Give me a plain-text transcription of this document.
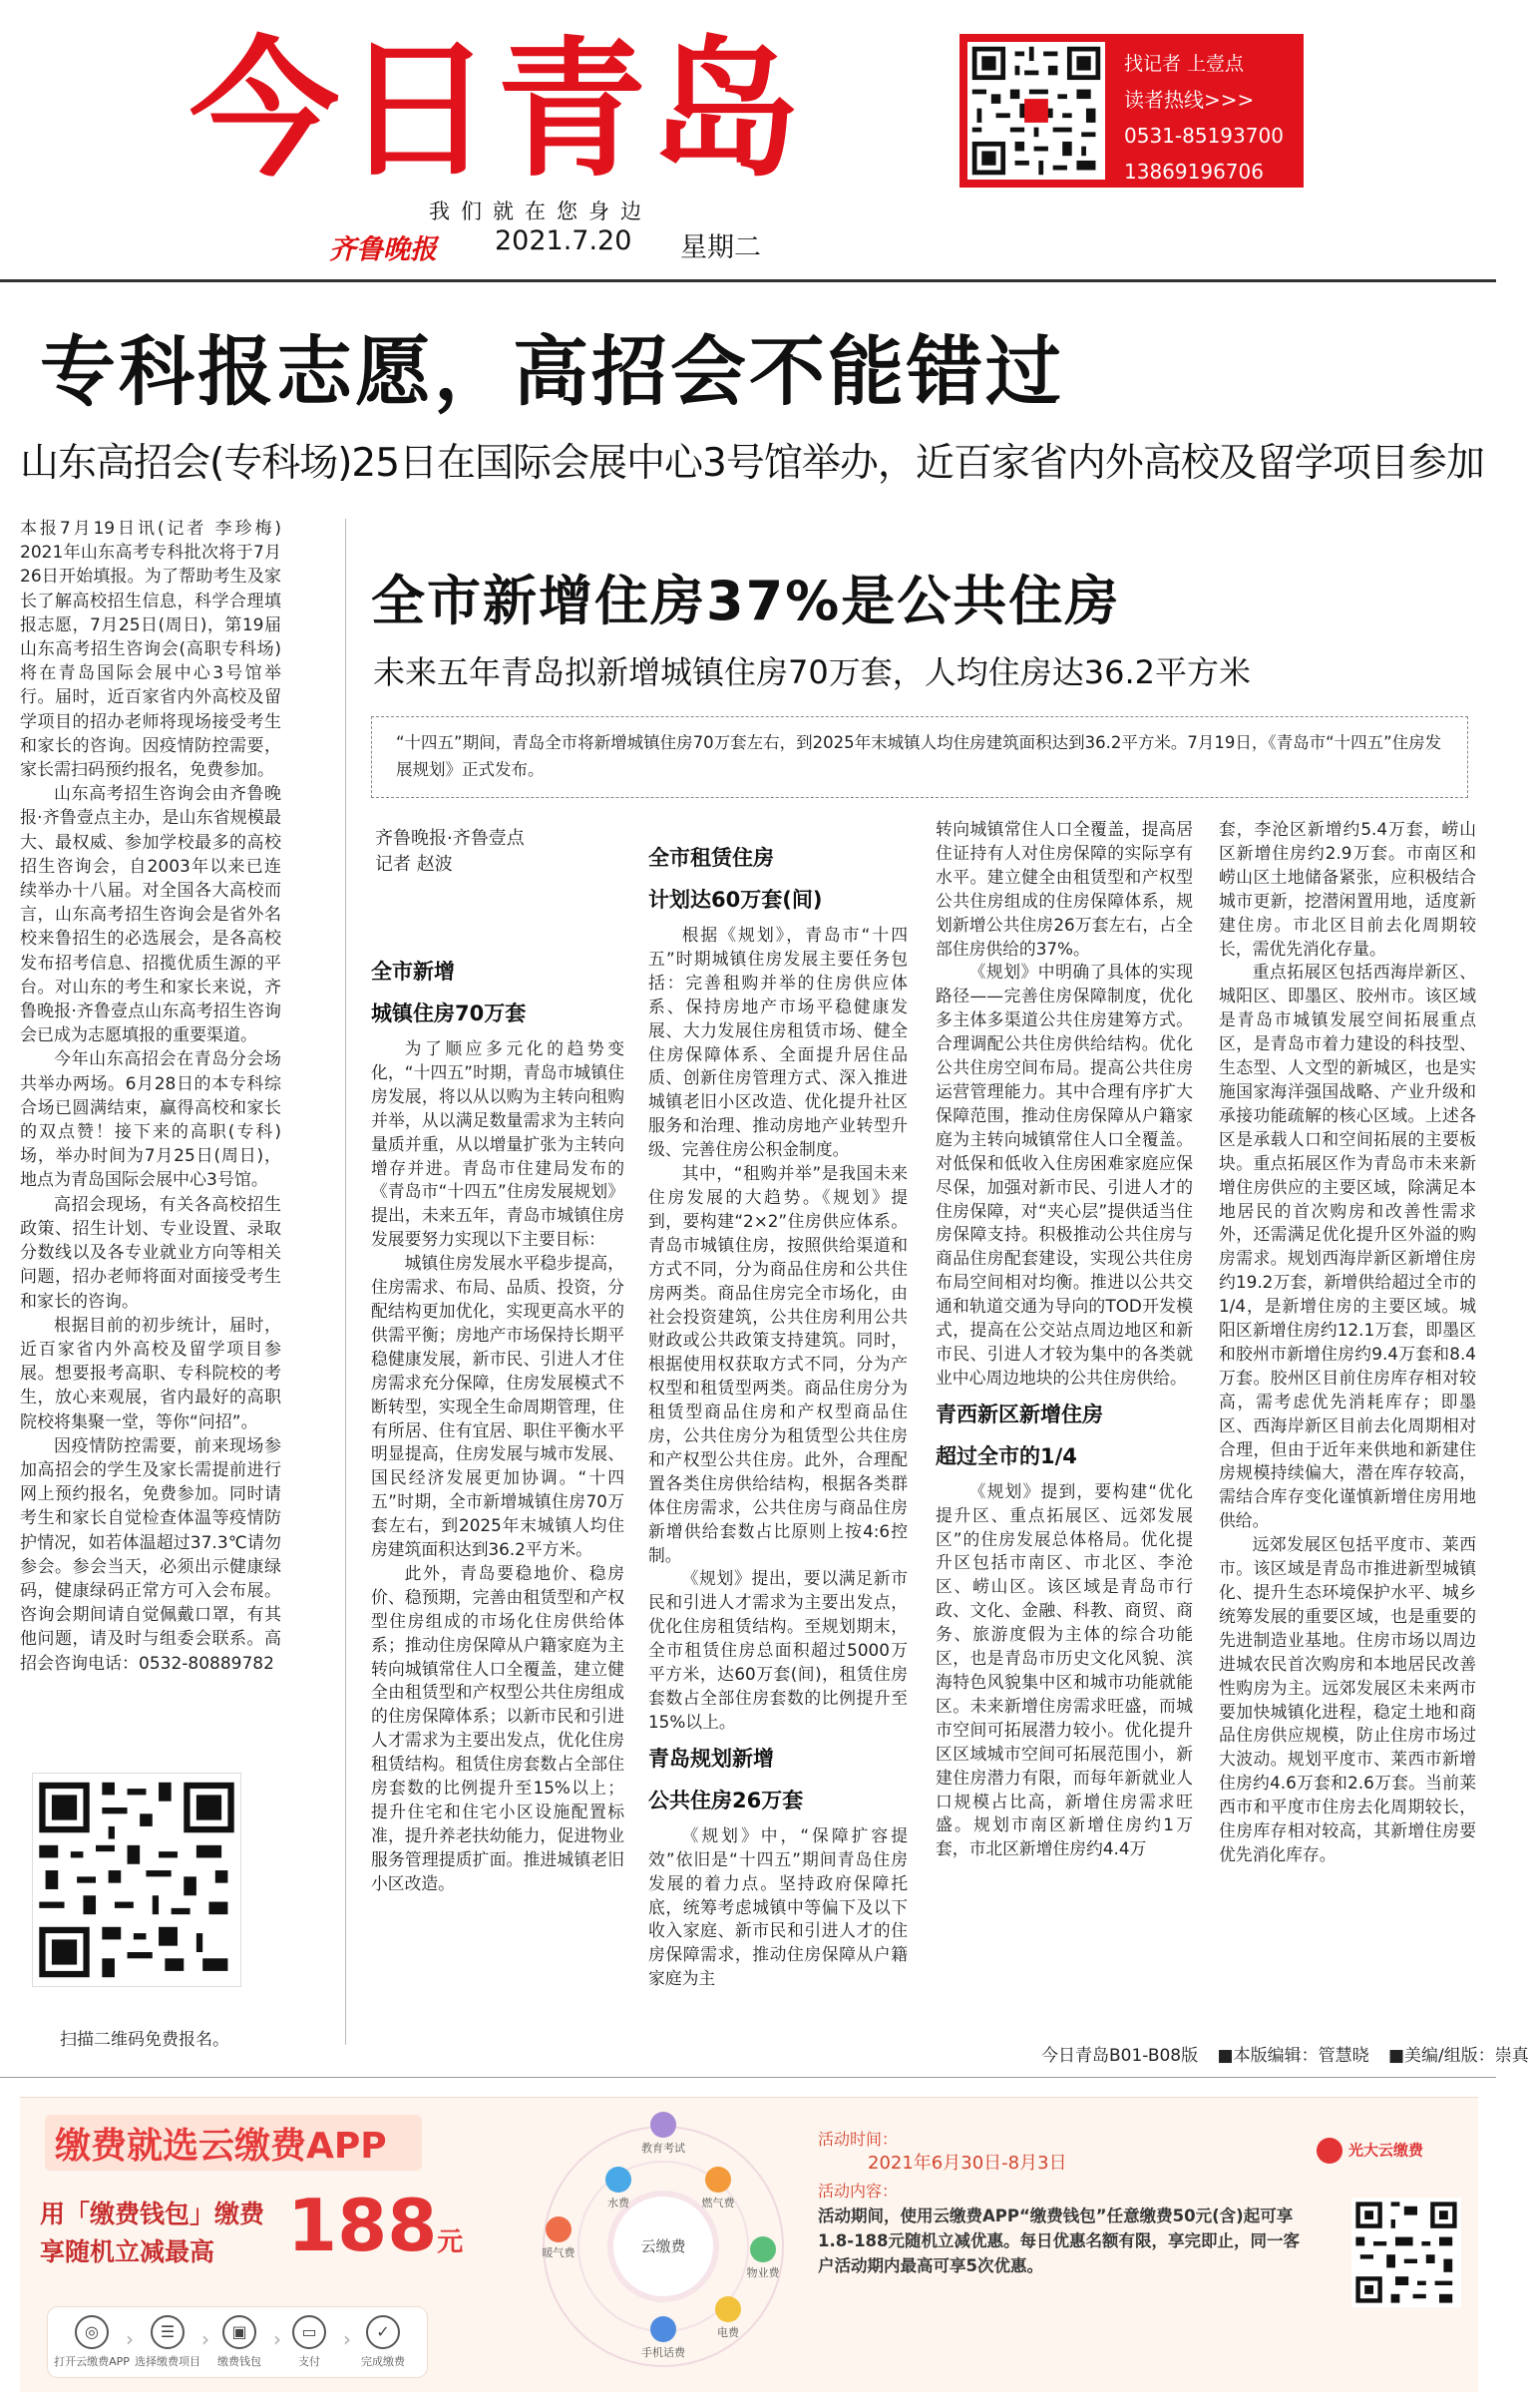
今日青岛
我们就在您身边
齐鲁晚报 2021.7.20 星期二
找记者 上壹点
读者热线>>>
0531-85193700
13869196706
专科报志愿，高招会不能错过
山东高招会(专科场)25日在国际会展中心3号馆举办，近百家省内外高校及留学项目参加

本报7月19日讯(记者 李珍梅) 2021年山东高考专科批次将于7月26日开始填报。为了帮助考生及家长了解高校招生信息，科学合理填报志愿，7月25日(周日)，第19届山东高考招生咨询会(高职专科场)将在青岛国际会展中心3号馆举行。届时，近百家省内外高校及留学项目的招办老师将现场接受考生和家长的咨询。因疫情防控需要，家长需扫码预约报名，免费参加。

山东高考招生咨询会由齐鲁晚报·齐鲁壹点主办，是山东省规模最大、最权威、参加学校最多的高校招生咨询会，自2003年以来已连续举办十八届。对全国各大高校而言，山东高考招生咨询会是省外名校来鲁招生的必选展会，是各高校发布招考信息、招揽优质生源的平台。对山东的考生和家长来说，齐鲁晚报·齐鲁壹点山东高考招生咨询会已成为志愿填报的重要渠道。

今年山东高招会在青岛分会场共举办两场。6月28日的本专科综合场已圆满结束，赢得高校和家长的双点赞！接下来的高职(专科)场，举办时间为7月25日(周日)，地点为青岛国际会展中心3号馆。

高招会现场，有关各高校招生政策、招生计划、专业设置、录取分数线以及各专业就业方向等相关问题，招办老师将面对面接受考生和家长的咨询。

根据目前的初步统计，届时，近百家省内外高校及留学项目参展。想要报考高职、专科院校的考生，放心来观展，省内最好的高职院校将集聚一堂，等你“问招”。

因疫情防控需要，前来现场参加高招会的学生及家长需提前进行网上预约报名，免费参加。同时请考生和家长自觉检查体温等疫情防护情况，如若体温超过37.3℃请勿参会。参会当天，必须出示健康绿码，健康绿码正常方可入会布展。咨询会期间请自觉佩戴口罩，有其他问题，请及时与组委会联系。高招会咨询电话：0532-80889782

扫描二维码免费报名。
全市新增住房37%是公共住房
未来五年青岛拟新增城镇住房70万套，人均住房达36.2平方米
“十四五”期间，青岛全市将新增城镇住房70万套左右，到2025年末城镇人均住房建筑面积达到36.2平方米。7月19日，《青岛市“十四五”住房发展规划》正式发布。
齐鲁晚报·齐鲁壹点
记者 赵波
全市新增
城镇住房70万套

为了顺应多元化的趋势变化，“十四五”时期，青岛市城镇住房发展，将以从以购为主转向租购并举，从以满足数量需求为主转向量质并重，从以增量扩张为主转向增存并进。青岛市住建局发布的《青岛市“十四五”住房发展规划》提出，未来五年，青岛市城镇住房发展要努力实现以下主要目标：

城镇住房发展水平稳步提高，住房需求、布局、品质、投资，分配结构更加优化，实现更高水平的供需平衡；房地产市场保持长期平稳健康发展，新市民、引进人才住房需求充分保障，住房发展模式不断转型，实现全生命周期管理，住有所居、住有宜居、职住平衡水平明显提高，住房发展与城市发展、国民经济发展更加协调。“十四五”时期，全市新增城镇住房70万套左右，到2025年末城镇人均住房建筑面积达到36.2平方米。

此外，青岛要稳地价、稳房价、稳预期，完善由租赁型和产权型住房组成的市场化住房供给体系；推动住房保障从户籍家庭为主转向城镇常住人口全覆盖，建立健全由租赁型和产权型公共住房组成的住房保障体系；以新市民和引进人才需求为主要出发点，优化住房租赁结构。租赁住房套数占全部住房套数的比例提升至15%以上；提升住宅和住宅小区设施配置标准，提升养老扶幼能力，促进物业服务管理提质扩面。推进城镇老旧小区改造。

全市租赁住房
计划达60万套(间)

根据《规划》，青岛市“十四五”时期城镇住房发展主要任务包括：完善租购并举的住房供应体系、保持房地产市场平稳健康发展、大力发展住房租赁市场、健全住房保障体系、全面提升居住品质、创新住房管理方式、深入推进城镇老旧小区改造、优化提升社区服务和治理、推动房地产业转型升级、完善住房公积金制度。

其中，“租购并举”是我国未来住房发展的大趋势。《规划》提到，要构建“2×2”住房供应体系。青岛市城镇住房，按照供给渠道和方式不同，分为商品住房和公共住房两类。商品住房完全市场化，由社会投资建筑，公共住房利用公共财政或公共政策支持建筑。同时，根据使用权获取方式不同，分为产权型和租赁型两类。商品住房分为租赁型商品住房和产权型商品住房，公共住房分为租赁型公共住房和产权型公共住房。此外，合理配置各类住房供给结构，根据各类群体住房需求，公共住房与商品住房新增供给套数占比原则上按4:6控制。

《规划》提出，要以满足新市民和引进人才需求为主要出发点，优化住房租赁结构。至规划期末，全市租赁住房总面积超过5000万平方米，达60万套(间)，租赁住房套数占全部住房套数的比例提升至15%以上。

青岛规划新增
公共住房26万套

《规划》中，“保障扩容提效”依旧是“十四五”期间青岛住房发展的着力点。坚持政府保障托底，统筹考虑城镇中等偏下及以下收入家庭、新市民和引进人才的住房保障需求，推动住房保障从户籍家庭为主

转向城镇常住人口全覆盖，提高居住证持有人对住房保障的实际享有水平。建立健全由租赁型和产权型公共住房组成的住房保障体系，规划新增公共住房26万套左右，占全部住房供给的37%。

《规划》中明确了具体的实现路径——完善住房保障制度，优化多主体多渠道公共住房建筹方式。合理调配公共住房供给结构。优化公共住房空间布局。提高公共住房运营管理能力。其中合理有序扩大保障范围，推动住房保障从户籍家庭为主转向城镇常住人口全覆盖。对低保和低收入住房困难家庭应保尽保，加强对新市民、引进人才的住房保障，对“夹心层”提供适当住房保障支持。积极推动公共住房与商品住房配套建设，实现公共住房布局空间相对均衡。推进以公共交通和轨道交通为导向的TOD开发模式，提高在公交站点周边地区和新市民、引进人才较为集中的各类就业中心周边地块的公共住房供给。

青西新区新增住房
超过全市的1/4

《规划》提到，要构建“优化提升区、重点拓展区、远郊发展区”的住房发展总体格局。优化提升区包括市南区、市北区、李沧区、崂山区。该区域是青岛市行政、文化、金融、科教、商贸、商务、旅游度假为主体的综合功能区，也是青岛市历史文化风貌、滨海特色风貌集中区和城市功能就能区。未来新增住房需求旺盛，而城市空间可拓展潜力较小。优化提升区区域城市空间可拓展范围小，新建住房潜力有限，而每年新就业人口规模占比高，新增住房需求旺盛。规划市南区新增住房约1万套，市北区新增住房约4.4万

套，李沧区新增约5.4万套，崂山区新增住房约2.9万套。市南区和崂山区土地储备紧张，应积极结合城市更新，挖潜闲置用地，适度新建住房。市北区目前去化周期较长，需优先消化存量。

重点拓展区包括西海岸新区、城阳区、即墨区、胶州市。该区域是青岛市城镇发展空间拓展重点区，是青岛市着力建设的科技型、生态型、人文型的新城区，也是实施国家海洋强国战略、产业升级和承接功能疏解的核心区域。上述各区是承载人口和空间拓展的主要板块。重点拓展区作为青岛市未来新增住房供应的主要区域，除满足本地居民的首次购房和改善性需求外，还需满足优化提升区外溢的购房需求。规划西海岸新区新增住房约19.2万套，新增供给超过全市的1/4，是新增住房的主要区域。城阳区新增住房约12.1万套，即墨区和胶州市新增住房约9.4万套和8.4万套。胶州区目前住房库存相对较高，需考虑优先消耗库存；即墨区、西海岸新区目前去化周期相对合理，但由于近年来供地和新建住房规模持续偏大，潜在库存较高，需结合库存变化谨慎新增住房用地供给。

远郊发展区包括平度市、莱西市。该区域是青岛市推进新型城镇化、提升生态环境保护水平、城乡统筹发展的重要区域，也是重要的先进制造业基地。住房市场以周边进城农民首次购房和本地居民改善性购房为主。远郊发展区未来两市要加快城镇化进程，稳定土地和商品住房供应规模，防止住房市场过大波动。规划平度市、莱西市新增住房约4.6万套和2.6万套。当前莱西市和平度市住房去化周期较长，住房库存相对较高，其新增住房要优先消化库存。

今日青岛B01-B08版 ■本版编辑：管慧晓 ■美编/组版：崇真
缴费就选云缴费APP
用「缴费钱包」缴费
享随机立减最高	188元
◎
打开云缴费APP
›	☰
选择缴费项目
›	▣
缴费钱包
›	▭
支付
›	✓
完成缴费
云缴费
教育考试
水费	燃气费
暖气费
物业费
手机话费
电费
活动时间：
2021年6月30日-8月3日
活动内容：
活动期间，使用云缴费APP“缴费钱包”任意缴费50元(含)起可享1.8-188元随机立减优惠。每日优惠名额有限，享完即止，同一客户活动期内最高可享5次优惠。
光大云缴费
